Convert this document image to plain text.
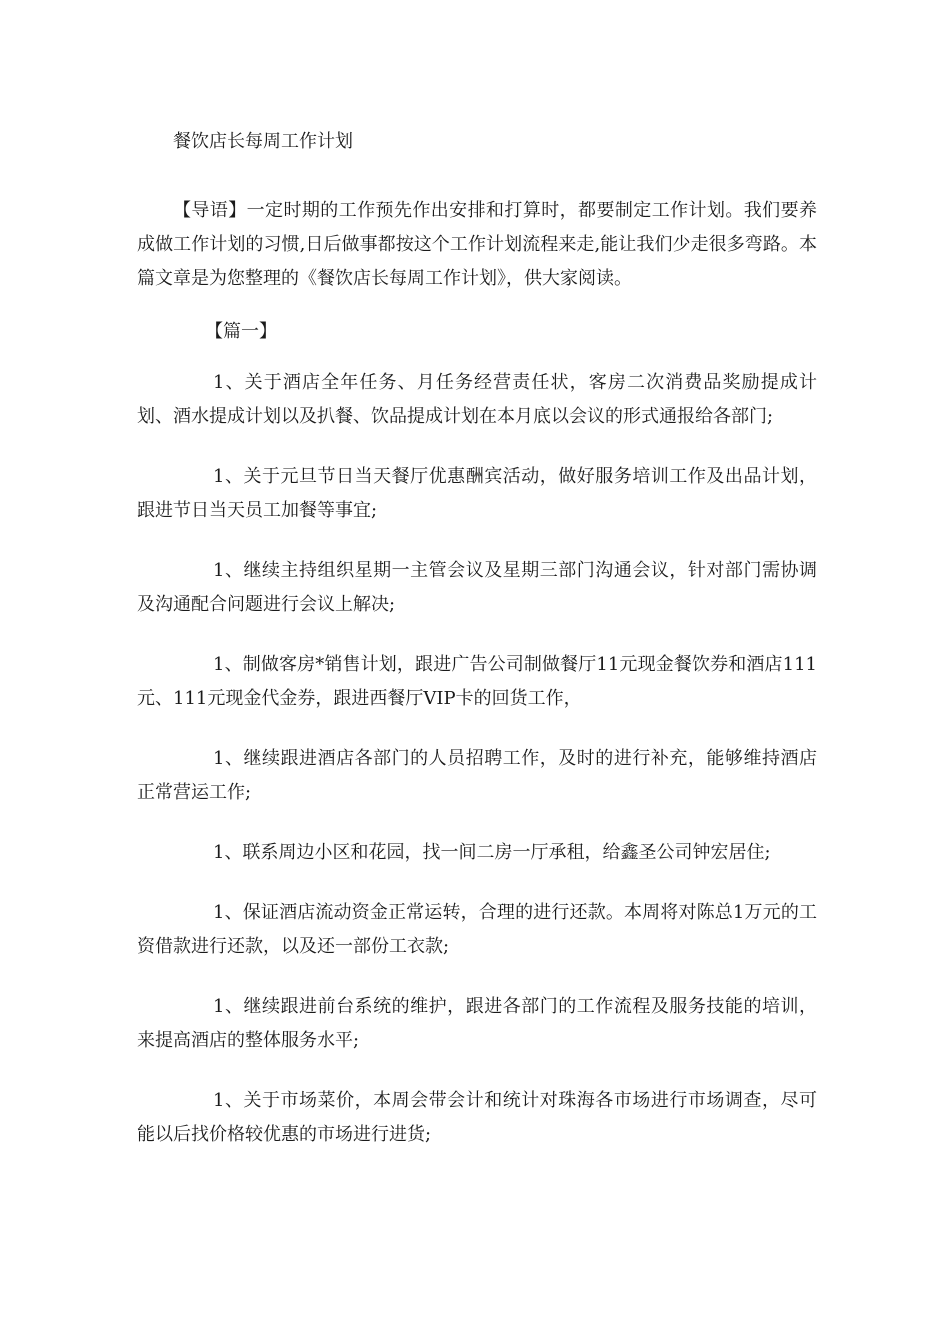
餐饮店长每周工作计划

【导语】一定时期的工作预先作出安排和打算时，都要制定工作计划。我们要养成做工作计划的习惯,日后做事都按这个工作计划流程来走,能让我们少走很多弯路。本篇文章是为您整理的《餐饮店长每周工作计划》，供大家阅读。

【篇一】

1、关于酒店全年任务、月任务经营责任状，客房二次消费品奖励提成计划、酒水提成计划以及扒餐、饮品提成计划在本月底以会议的形式通报给各部门;

1、关于元旦节日当天餐厅优惠酬宾活动，做好服务培训工作及出品计划，跟进节日当天员工加餐等事宜;

1、继续主持组织星期一主管会议及星期三部门沟通会议，针对部门需协调及沟通配合问题进行会议上解决;

1、制做客房*销售计划，跟进广告公司制做餐厅11元现金餐饮券和酒店111元、111元现金代金券，跟进西餐厅VIP卡的回货工作，

1、继续跟进酒店各部门的人员招聘工作，及时的进行补充，能够维持酒店正常营运工作;

1、联系周边小区和花园，找一间二房一厅承租，给鑫圣公司钟宏居住;

1、保证酒店流动资金正常运转，合理的进行还款。本周将对陈总1万元的工资借款进行还款，以及还一部份工衣款;

1、继续跟进前台系统的维护，跟进各部门的工作流程及服务技能的培训，来提高酒店的整体服务水平;

1、关于市场菜价，本周会带会计和统计对珠海各市场进行市场调查，尽可能以后找价格较优惠的市场进行进货;
